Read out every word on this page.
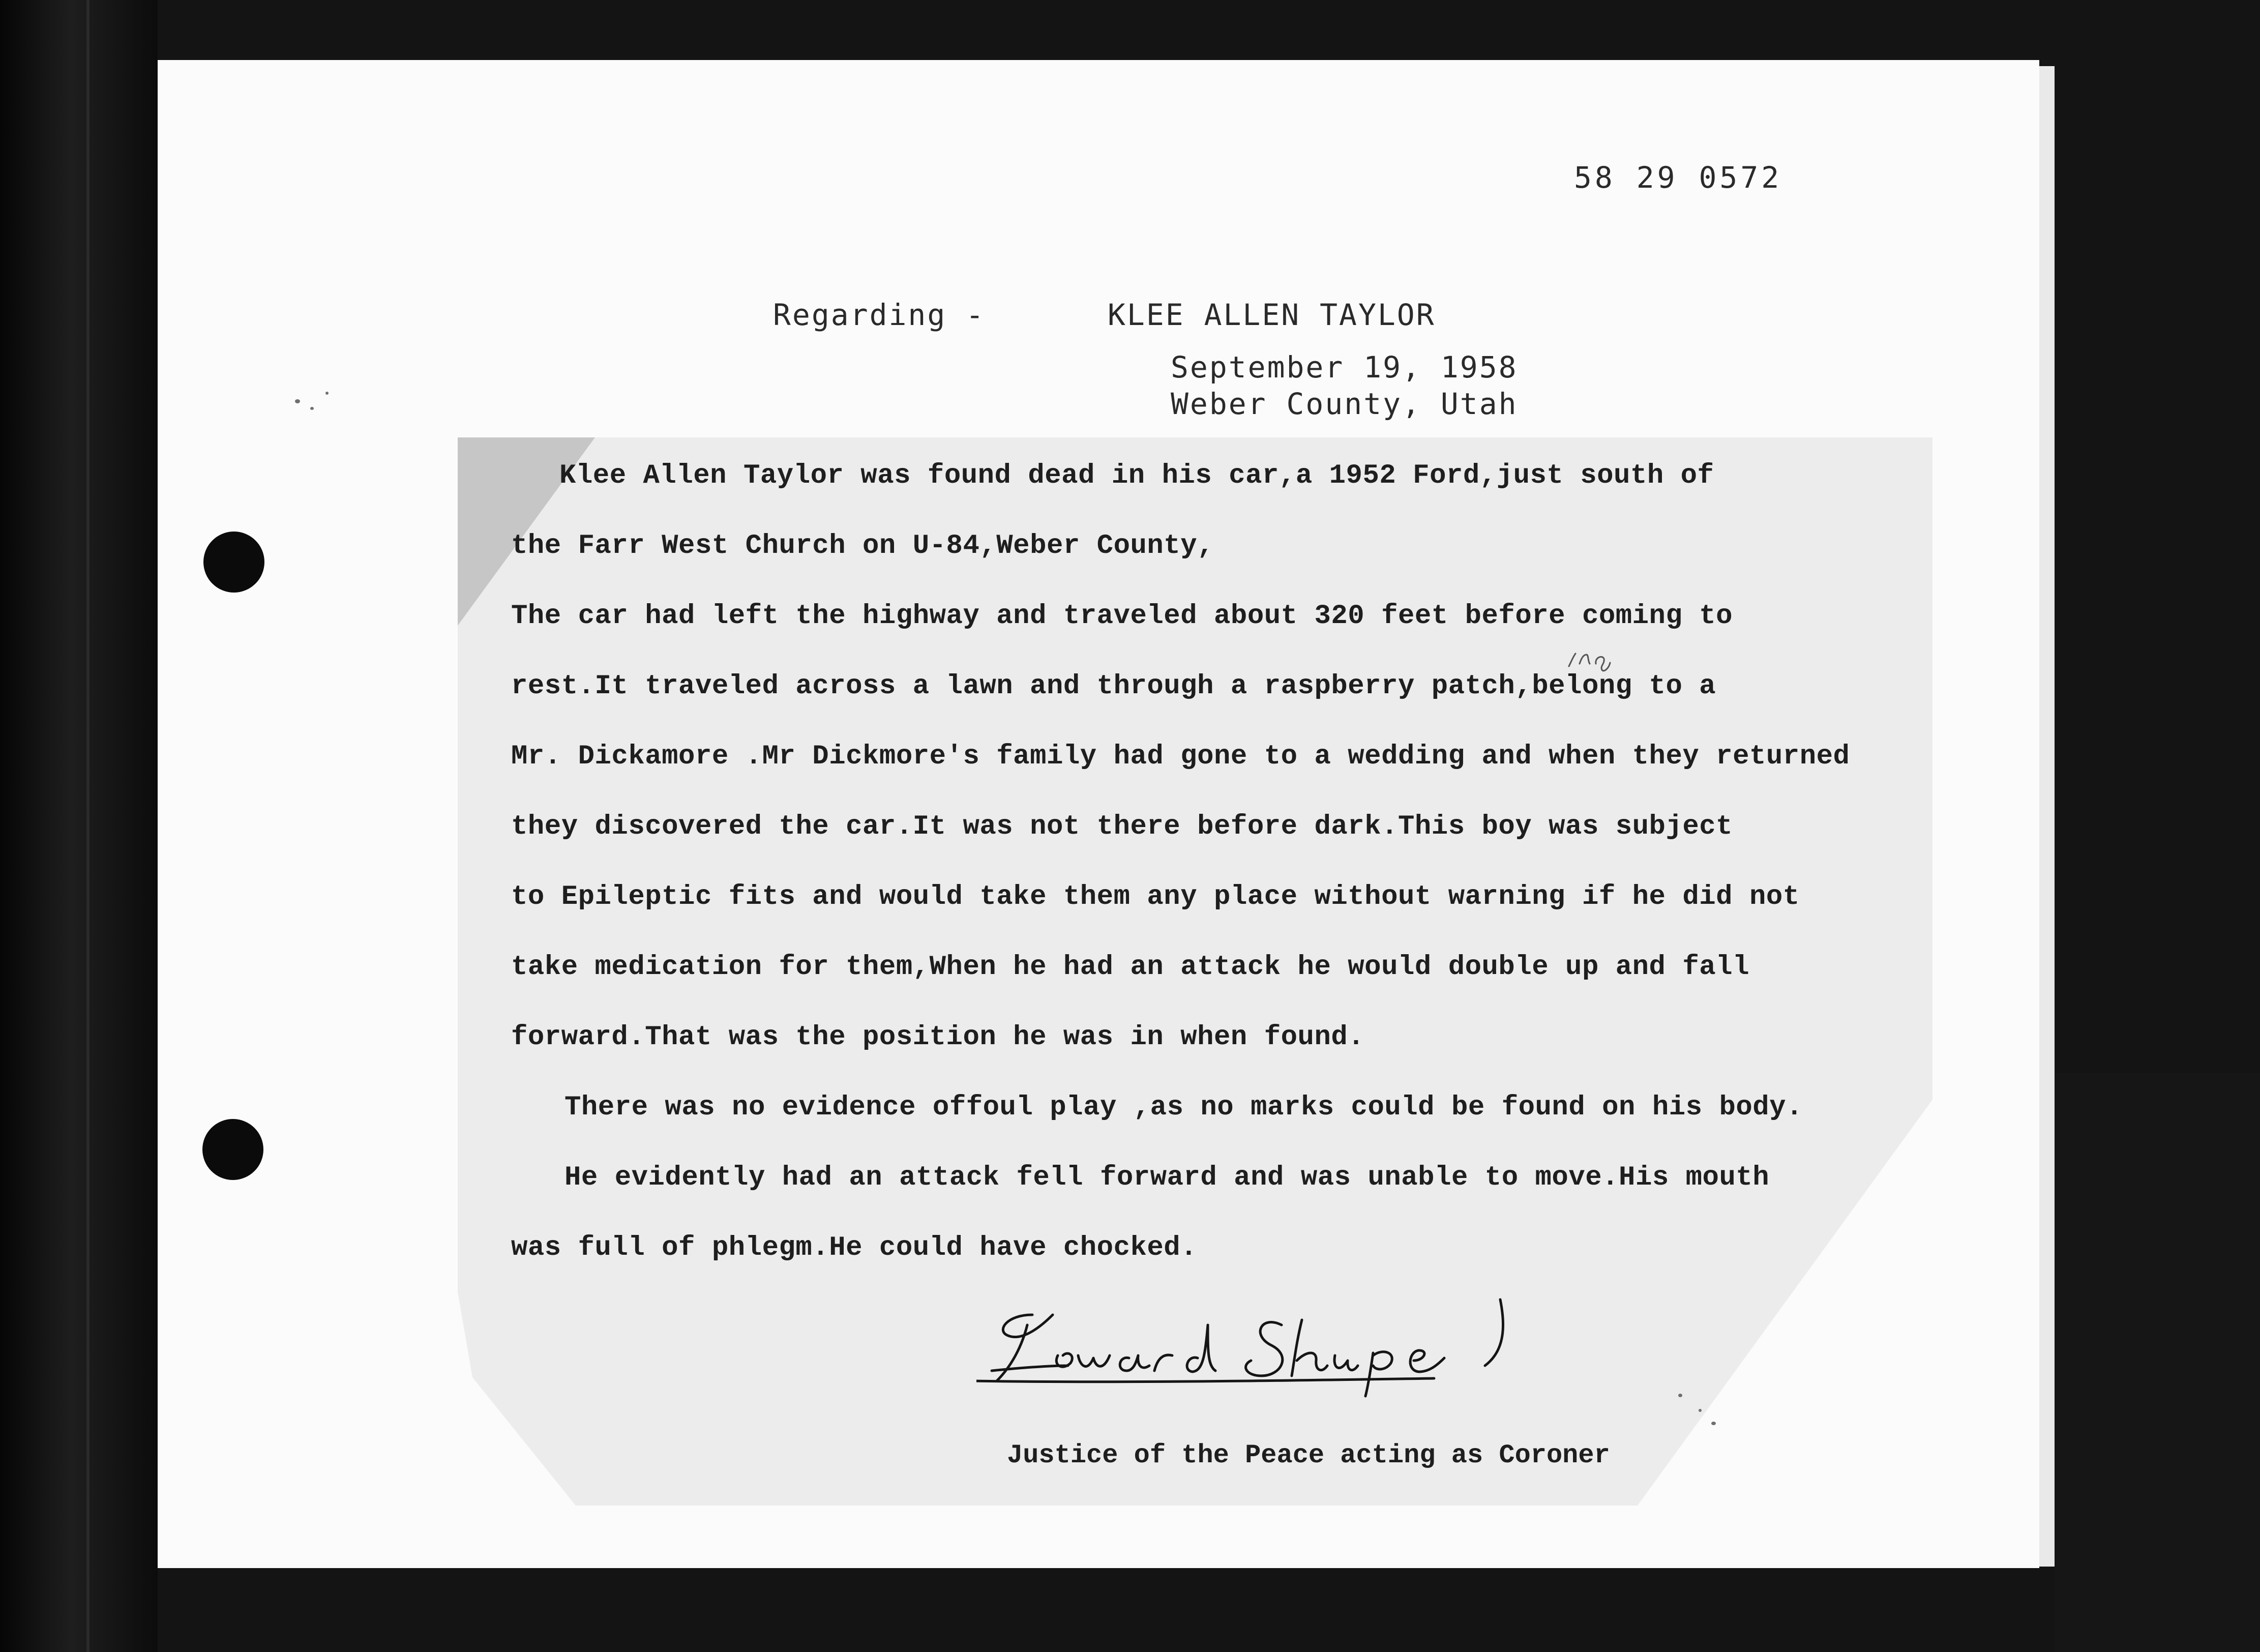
58 29 0572

Regarding -	KLEE ALLEN TAYLOR

September 19, 1958

Weber County, Utah

Klee Allen Taylor was found dead in his car,a 1952 Ford,just south of

the Farr West Church on U-84,Weber County,

The car had left the highway and traveled about 320 feet before coming to

rest.It traveled across a lawn and through a raspberry patch,belong to a

Mr. Dickamore .Mr Dickmore's family had gone to a wedding and when they returned

they discovered the car.It was not there before dark.This boy was subject

to Epileptic fits and would take them any place without warning if he did not

take medication for them,When he had an attack he would double up and fall

forward.That was the position he was in when found.

There was no evidence offoul play ,as no marks could be found on his body.

He evidently had an attack fell forward and was unable to move.His mouth

was full of phlegm.He could have chocked.

Justice of the Peace acting as Coroner
